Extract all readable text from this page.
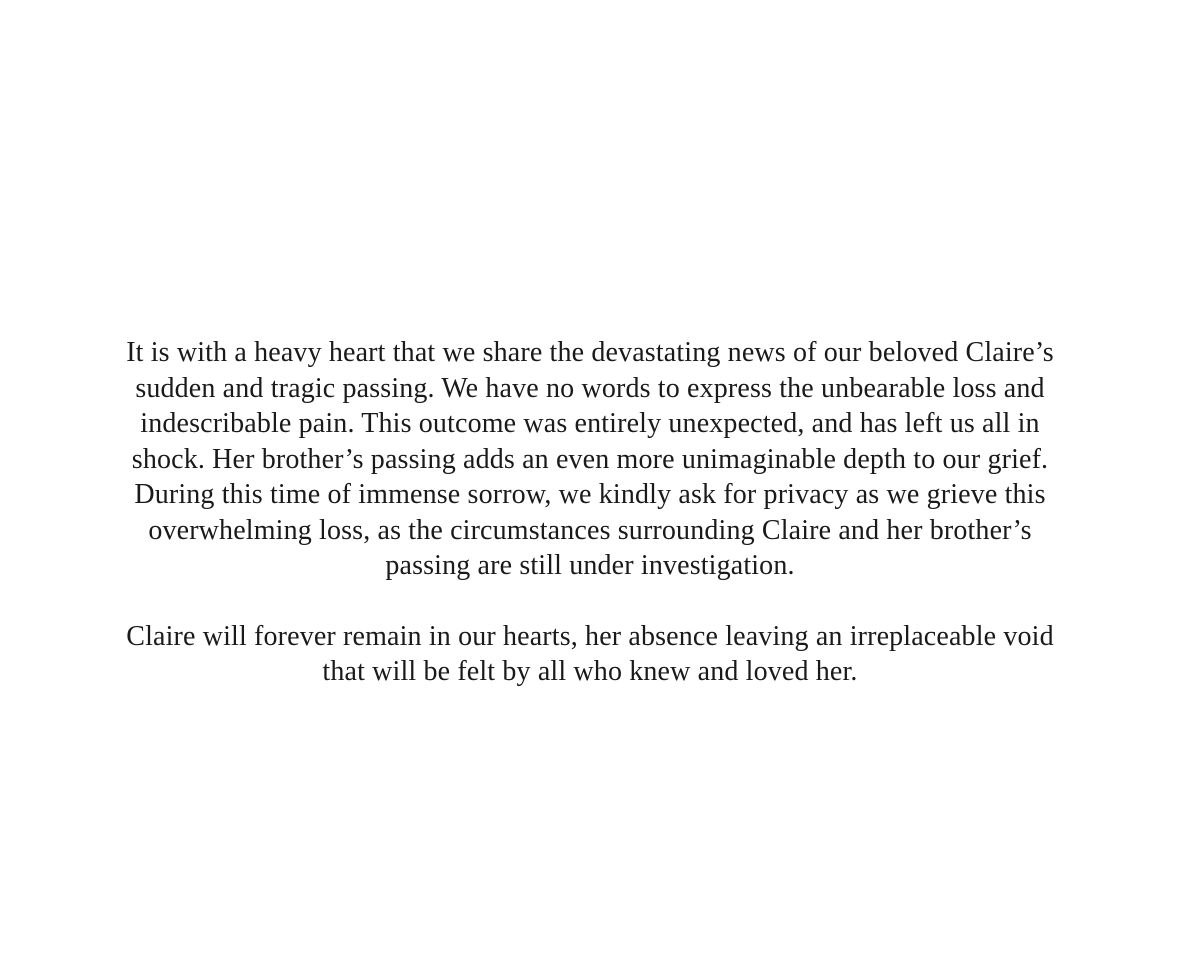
It is with a heavy heart that we share the devastating news of our beloved Claire’s
sudden and tragic passing. We have no words to express the unbearable loss and
indescribable pain. This outcome was entirely unexpected, and has left us all in
shock. Her brother’s passing adds an even more unimaginable depth to our grief.
During this time of immense sorrow, we kindly ask for privacy as we grieve this
overwhelming loss, as the circumstances surrounding Claire and her brother’s
passing are still under investigation.

Claire will forever remain in our hearts, her absence leaving an irreplaceable void
that will be felt by all who knew and loved her.
